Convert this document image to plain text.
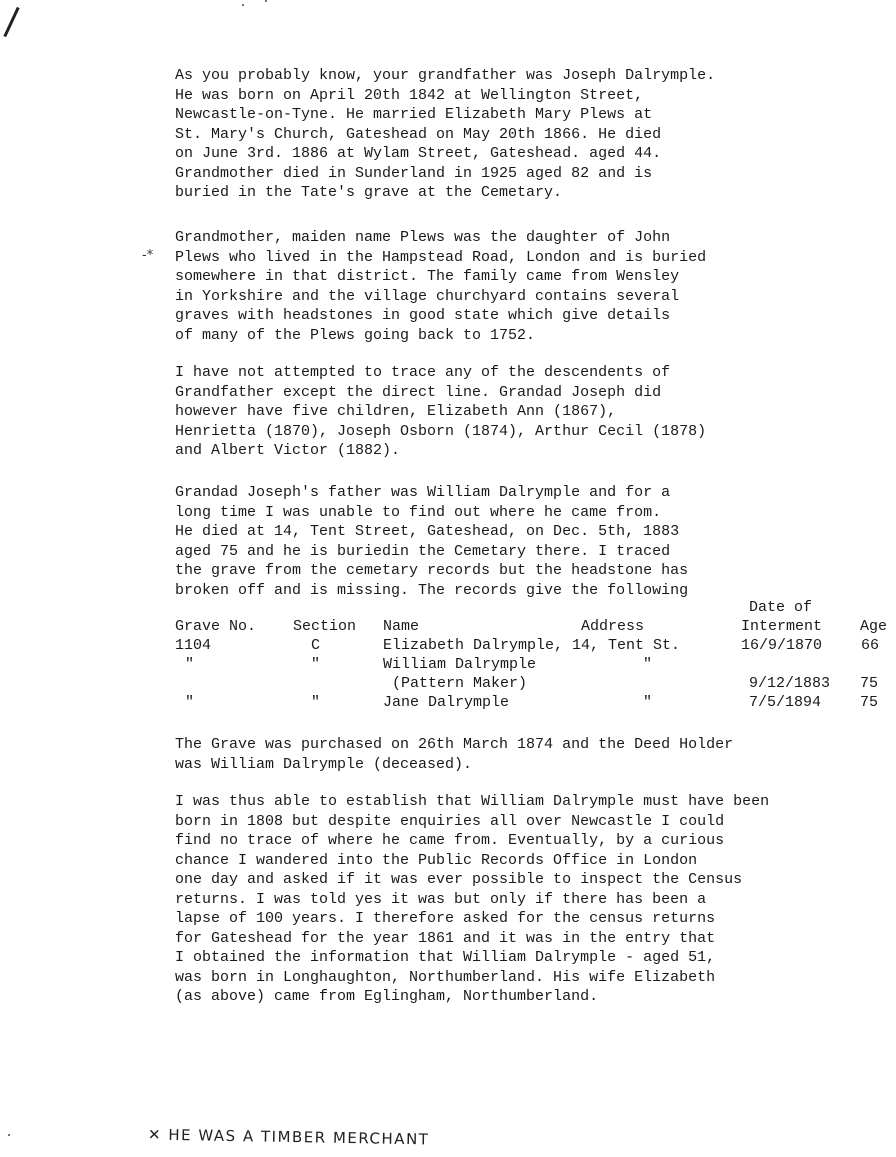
-*
As you probably know, your grandfather was Joseph Dalrymple.
He was born on April 20th 1842 at Wellington Street,
Newcastle-on-Tyne. He married Elizabeth Mary Plews at
St. Mary's Church, Gateshead on May 20th 1866. He died
on June 3rd. 1886 at Wylam Street, Gateshead. aged 44.
Grandmother died in Sunderland in 1925 aged 82 and is
buried in the Tate's grave at the Cemetary.
Grandmother, maiden name Plews was the daughter of John
Plews who lived in the Hampstead Road, London and is buried
somewhere in that district. The family came from Wensley
in Yorkshire and the village churchyard contains several
graves with headstones in good state which give details
of many of the Plews going back to 1752.
I have not attempted to trace any of the descendents of
Grandfather except the direct line. Grandad Joseph did
however have five children, Elizabeth Ann (1867),
Henrietta (1870), Joseph Osborn (1874), Arthur Cecil (1878)
and Albert Victor (1882).
Grandad Joseph's father was William Dalrymple and for a
long time I was unable to find out where he came from.
He died at 14, Tent Street, Gateshead, on Dec. 5th, 1883
aged 75 and he is buriedin the Cemetary there. I traced
the grave from the cemetary records but the headstone has
broken off and is missing. The records give the following
Date of
Grave No. Section Name	Address	Interment	Age
1104	C	Elizabeth Dalrymple, 14, Tent St.	16/9/1870	66
"	"	William Dalrymple	"
(Pattern Maker)	9/12/1883 75
"	"	Jane Dalrymple	"	7/5/1894	75
The Grave was purchased on 26th March 1874 and the Deed Holder
was William Dalrymple (deceased).
I was thus able to establish that William Dalrymple must have been
born in 1808 but despite enquiries all over Newcastle I could
find no trace of where he came from. Eventually, by a curious
chance I wandered into the Public Records Office in London
one day and asked if it was ever possible to inspect the Census
returns. I was told yes it was but only if there has been a
lapse of 100 years. I therefore asked for the census returns
for Gateshead for the year 1861 and it was in the entry that
I obtained the information that William Dalrymple - aged 51,
was born in Longhaughton, Northumberland. His wife Elizabeth
(as above) came from Eglingham, Northumberland.
✕ HE WAS A TIMBER MERCHANT
